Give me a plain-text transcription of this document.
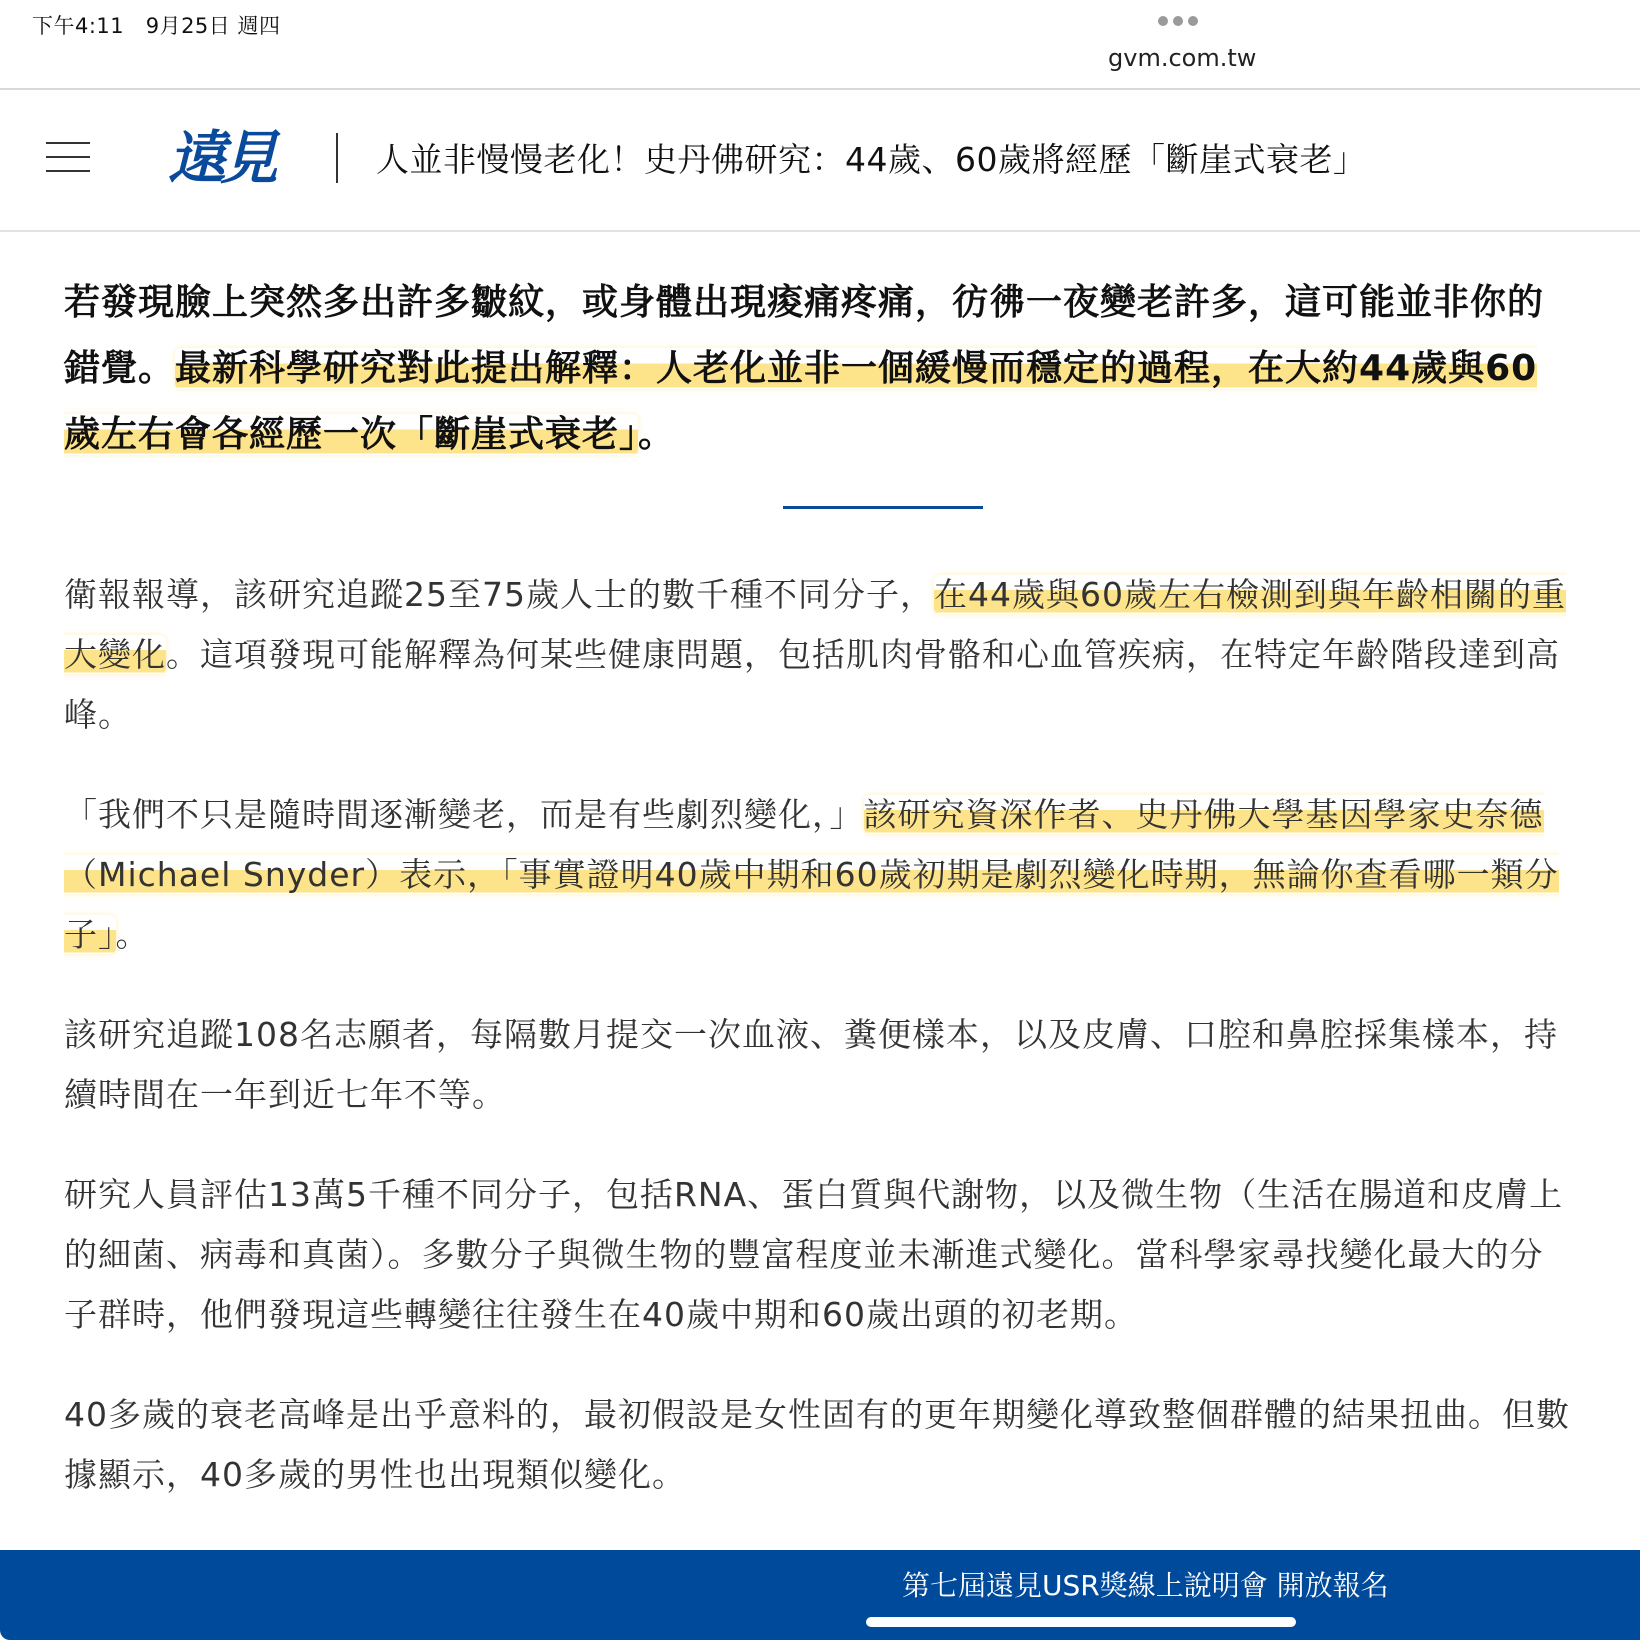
下午4:11 9月25日 週四
gvm.com.tw
遠見	人並非慢慢老化！史丹佛研究：44歲、60歲將經歷「斷崖式衰老」

若發現臉上突然多出許多皺紋，或身體出現痠痛疼痛，彷彿一夜變老許多，這可能並非你的錯覺。最新科學研究對此提出解釋：人老化並非一個緩慢而穩定的過程，在大約44歲與60歲左右會各經歷一次「斷崖式衰老」。

衛報報導，該研究追蹤25至75歲人士的數千種不同分子，在44歲與60歲左右檢測到與年齡相關的重大變化。這項發現可能解釋為何某些健康問題，包括肌肉骨骼和心血管疾病，在特定年齡階段達到高峰。

「我們不只是隨時間逐漸變老，而是有些劇烈變化，」該研究資深作者、史丹佛大學基因學家史奈德（Michael Snyder）表示，「事實證明40歲中期和60歲初期是劇烈變化時期，無論你查看哪一類分子」。

該研究追蹤108名志願者，每隔數月提交一次血液、糞便樣本，以及皮膚、口腔和鼻腔採集樣本，持續時間在一年到近七年不等。

研究人員評估13萬5千種不同分子，包括RNA、蛋白質與代謝物，以及微生物（生活在腸道和皮膚上的細菌、病毒和真菌）。多數分子與微生物的豐富程度並未漸進式變化。當科學家尋找變化最大的分子群時，他們發現這些轉變往往發生在40歲中期和60歲出頭的初老期。

40多歲的衰老高峰是出乎意料的，最初假設是女性固有的更年期變化導致整個群體的結果扭曲。但數據顯示，40多歲的男性也出現類似變化。

第七屆遠見USR獎線上說明會 開放報名
